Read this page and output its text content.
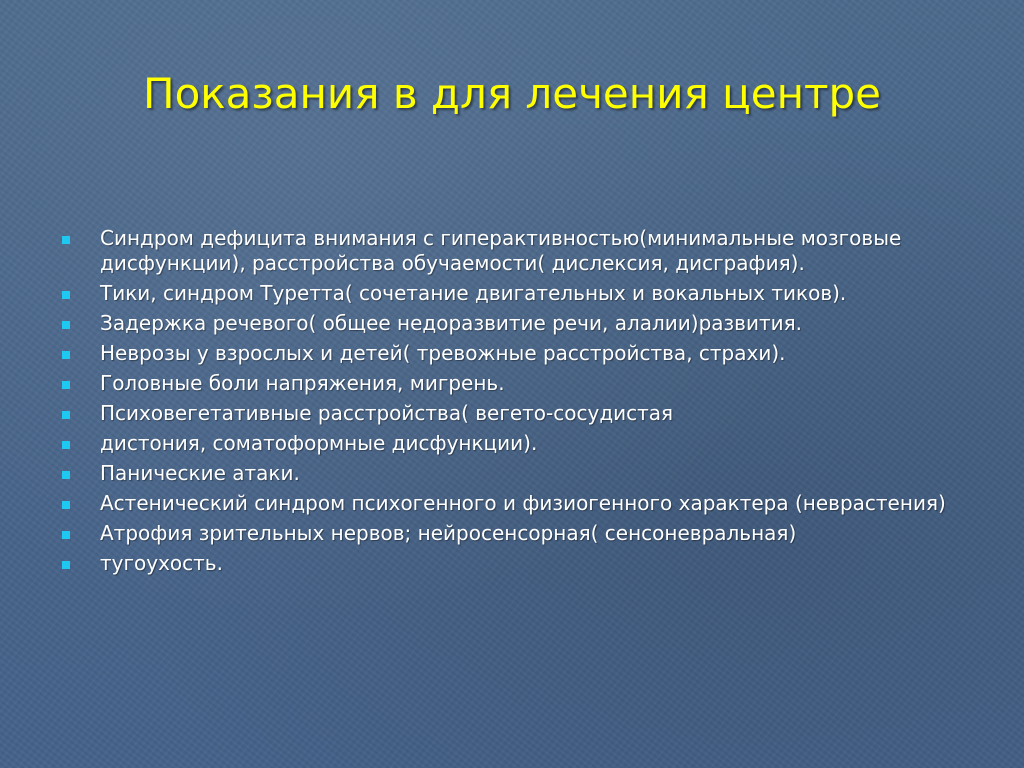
Показания в для лечения центре
Синдром дефицита внимания с гиперактивностью(минимальные мозговые дисфункции), расстройства обучаемости( дислексия, дисграфия).
Тики, синдром Туретта( сочетание двигательных и вокальных тиков).
Задержка речевого( общее недоразвитие речи, алалии)развития.
Неврозы у взрослых и детей( тревожные расстройства, страхи).
Головные боли напряжения, мигрень.
Психовегетативные расстройства( вегето-сосудистая
дистония, соматоформные дисфункции).
Панические атаки.
Астенический синдром психогенного и физиогенного характера (неврастения)
Атрофия зрительных нервов; нейросенсорная( сенсоневральная)
тугоухость.
